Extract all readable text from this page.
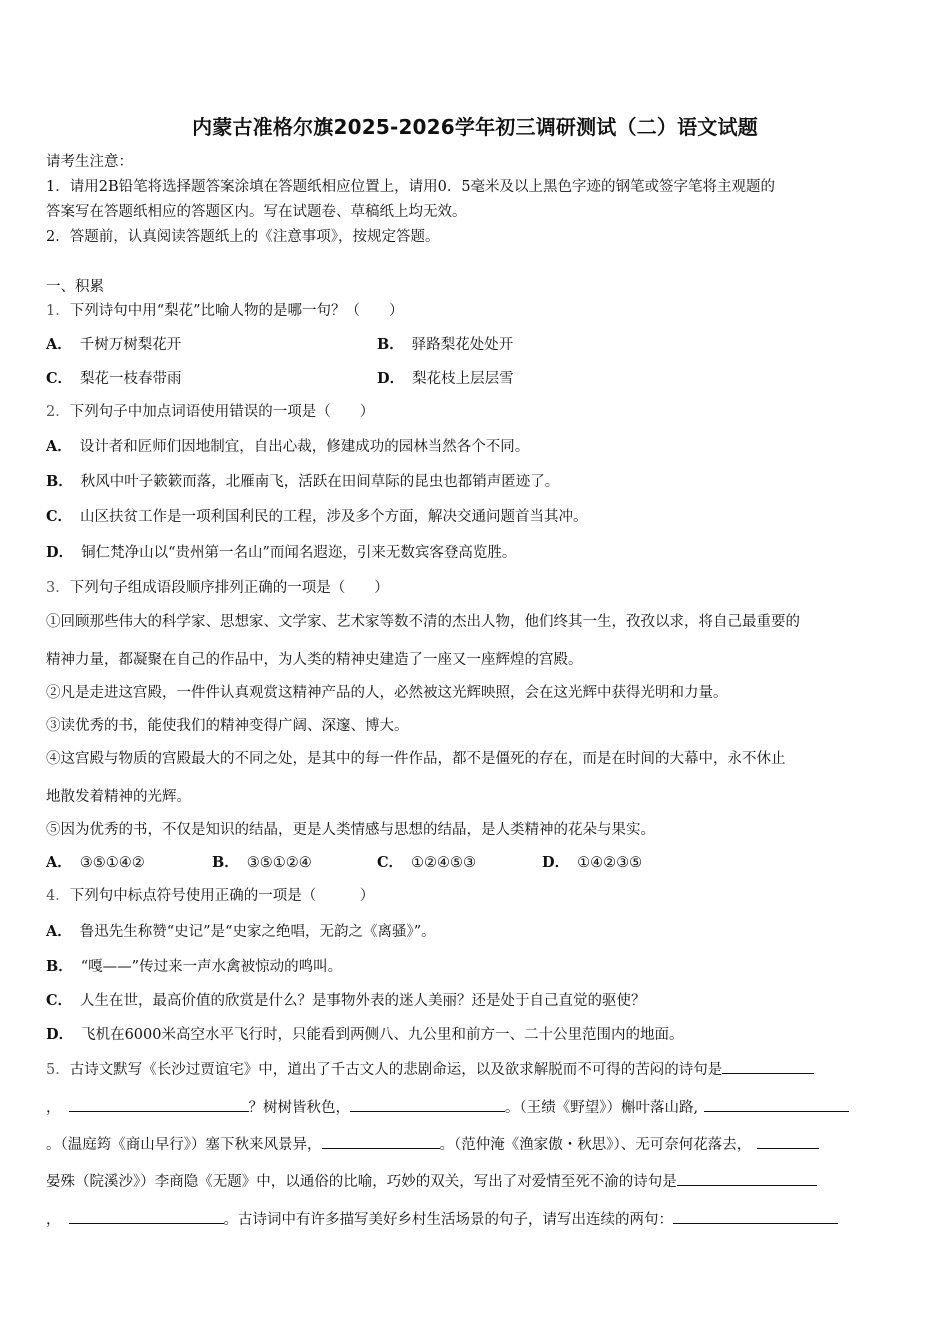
内蒙古准格尔旗2025-2026学年初三调研测试（二）语文试题
请考生注意：
1．请用2B铅笔将选择题答案涂填在答题纸相应位置上，请用0．5毫米及以上黑色字迹的钢笔或签字笔将主观题的
答案写在答题纸相应的答题区内。写在试题卷、草稿纸上均无效。
2．答题前，认真阅读答题纸上的《注意事项》，按规定答题。
一、积累
1．下列诗句中用“梨花”比喻人物的是哪一句？（　　）
A． 千树万树梨花开	B． 驿路梨花处处开
C． 梨花一枝春带雨	D． 梨花枝上层层雪
2．下列句子中加点词语使用错误的一项是（　　）
A． 设计者和匠师们因地制宜，自出心裁，修建成功的园林当然各个不同。
B． 秋风中叶子簌簌而落，北雁南飞，活跃在田间草际的昆虫也都销声匿迹了。
C． 山区扶贫工作是一项利国利民的工程，涉及多个方面，解决交通问题首当其冲。
D． 铜仁梵净山以“贵州第一名山”而闻名遐迩，引来无数宾客登高览胜。
3．下列句子组成语段顺序排列正确的一项是（　　）
①回顾那些伟大的科学家、思想家、文学家、艺术家等数不清的杰出人物，他们终其一生，孜孜以求，将自己最重要的
精神力量，都凝聚在自己的作品中，为人类的精神史建造了一座又一座辉煌的宫殿。
②凡是走进这宫殿，一件件认真观赏这精神产品的人，必然被这光辉映照，会在这光辉中获得光明和力量。
③读优秀的书，能使我们的精神变得广阔、深邃、博大。
④这宫殿与物质的宫殿最大的不同之处，是其中的每一件作品，都不是僵死的存在，而是在时间的大幕中，永不休止
地散发着精神的光辉。
⑤因为优秀的书，不仅是知识的结晶，更是人类情感与思想的结晶，是人类精神的花朵与果实。
A． ③⑤①④②	B． ③⑤①②④	C． ①②④⑤③	D． ①④②③⑤
4．下列句中标点符号使用正确的一项是（　　　）
A． 鲁迅先生称赞“史记”是“史家之绝唱，无韵之《离骚》”。
B． “嘎——”传过来一声水禽被惊动的鸣叫。
C． 人生在世，最高价值的欣赏是什么？是事物外表的迷人美丽？还是处于自己直觉的驱使？
D． 飞机在6000米高空水平飞行时，只能看到两侧八、九公里和前方一、二十公里范围内的地面。
5．古诗文默写《长沙过贾谊宅》中，道出了千古文人的悲剧命运，以及欲求解脱而不可得的苦闷的诗句是
，	？树树皆秋色，	。（王绩《野望》）槲叶落山路,
。（温庭筠《商山早行》）塞下秋来风景异，	。（范仲淹《渔家傲・秋思》）、无可奈何花落去，
晏殊（院溪沙》）李商隐《无题》中，以通俗的比喻，巧妙的双关，写出了对爱情至死不渝的诗句是
，	。古诗词中有许多描写美好乡村生活场景的句子，请写出连续的两句：
